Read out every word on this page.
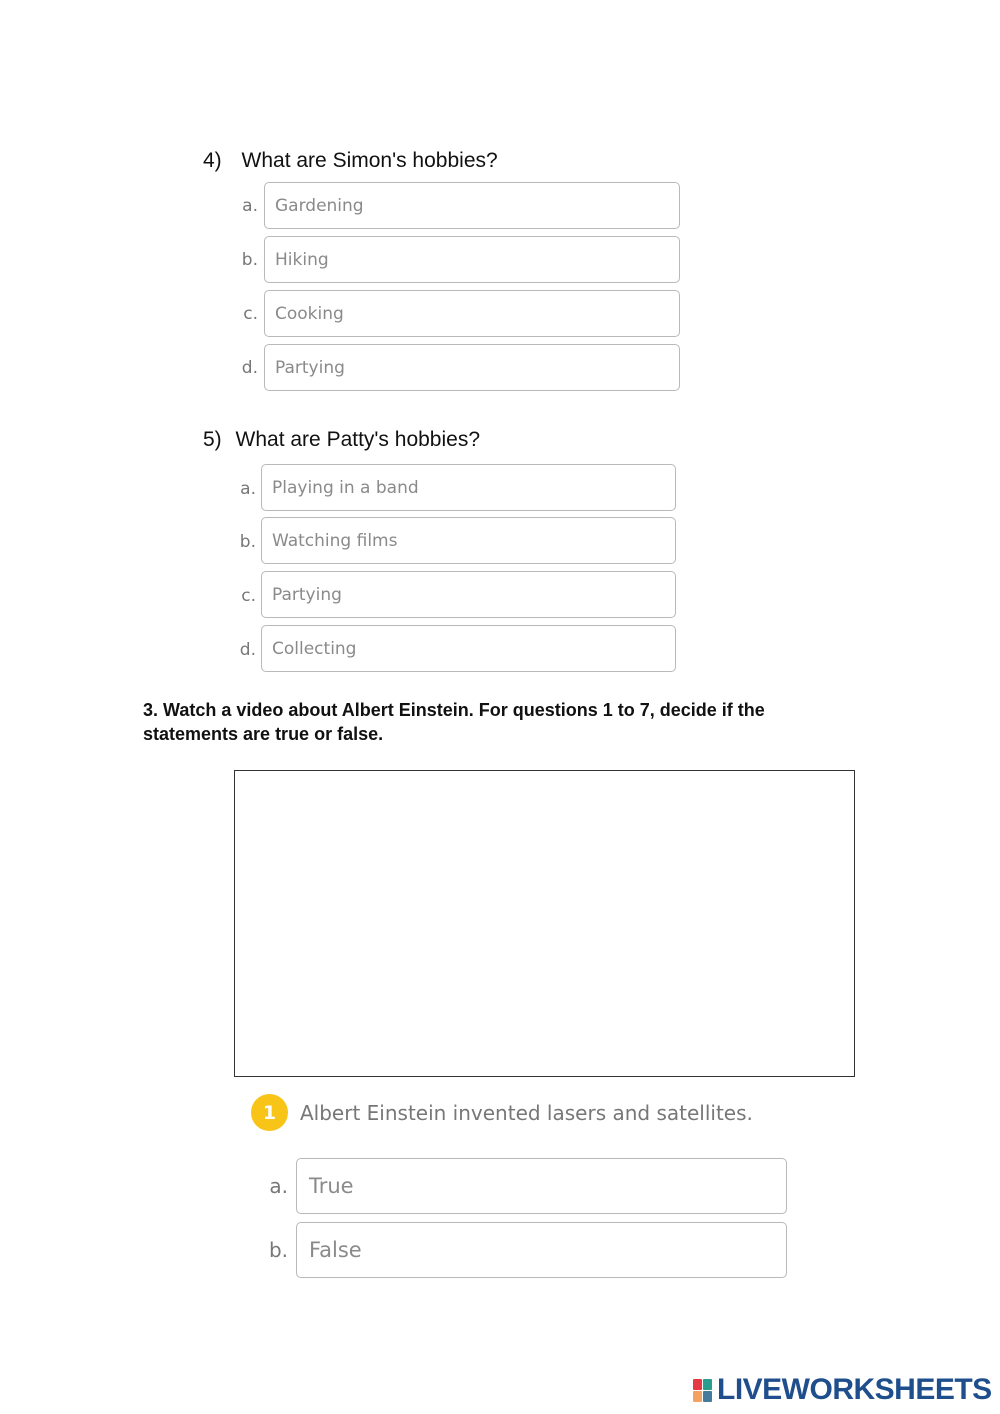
4) What are Simon's hobbies?
a.	Gardening
b.	Hiking
c.	Cooking
d.	Partying
5) What are Patty's hobbies?
a. Playing in a band
b. Watching films
c. Partying
d. Collecting
3. Watch a video about Albert Einstein. For questions 1 to 7, decide if the statements are true or false.
1	Albert Einstein invented lasers and satellites.
a.	True
b.	False
LIVEWORKSHEETS
